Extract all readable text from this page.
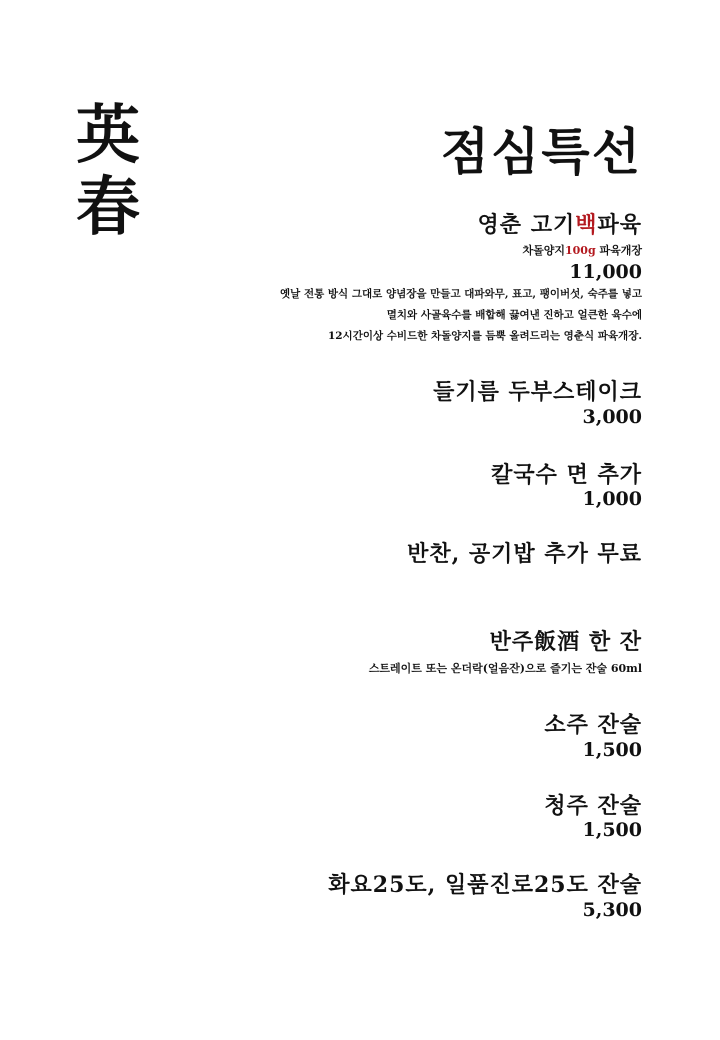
英
春
점심특선
영춘 고기백파육
차돌양지100g 파육개장
11,000
옛날 전통 방식 그대로 양념장을 만들고 대파와무, 표고, 팽이버섯, 숙주를 넣고
멸치와 사골육수를 배합해 끓여낸 진하고 얼큰한 육수에
12시간이상 수비드한 차돌양지를 듬뿍 올려드리는 영춘식 파육개장.
들기름 두부스테이크
3,000
칼국수 면 추가
1,000
반찬, 공기밥 추가 무료
반주飯酒 한 잔
스트레이트 또는 온더락(얼음잔)으로 즐기는 잔술 60ml
소주 잔술
1,500
청주 잔술
1,500
화요25도, 일품진로25도 잔술
5,300
